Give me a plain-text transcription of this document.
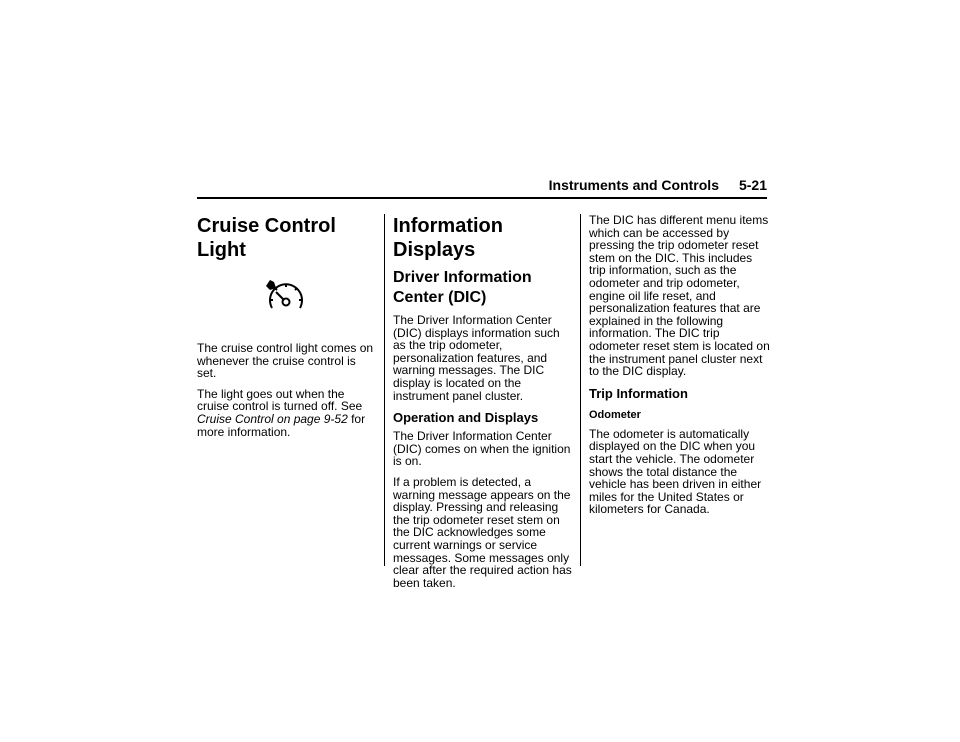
Instruments and Controls 5-21
Cruise Control Light

The cruise control light comes on whenever the cruise control is set.

The light goes out when the cruise control is turned off. See Cruise Control on page 9-52 for more information.

Information Displays
Driver Information Center (DIC)

The Driver Information Center (DIC) displays information such as the trip odometer, personalization features, and warning messages. The DIC display is located on the instrument panel cluster.

Operation and Displays

The Driver Information Center (DIC) comes on when the ignition is on.

If a problem is detected, a warning message appears on the display. Pressing and releasing the trip odometer reset stem on the DIC acknowledges some current warnings or service messages. Some messages only clear after the required action has been taken.

The DIC has different menu items which can be accessed by pressing the trip odometer reset stem on the DIC. This includes trip information, such as the odometer and trip odometer, engine oil life reset, and personalization features that are explained in the following information. The DIC trip odometer reset stem is located on the instrument panel cluster next to the DIC display.

Trip Information
Odometer

The odometer is automatically displayed on the DIC when you start the vehicle. The odometer shows the total distance the vehicle has been driven in either miles for the United States or kilometers for Canada.
